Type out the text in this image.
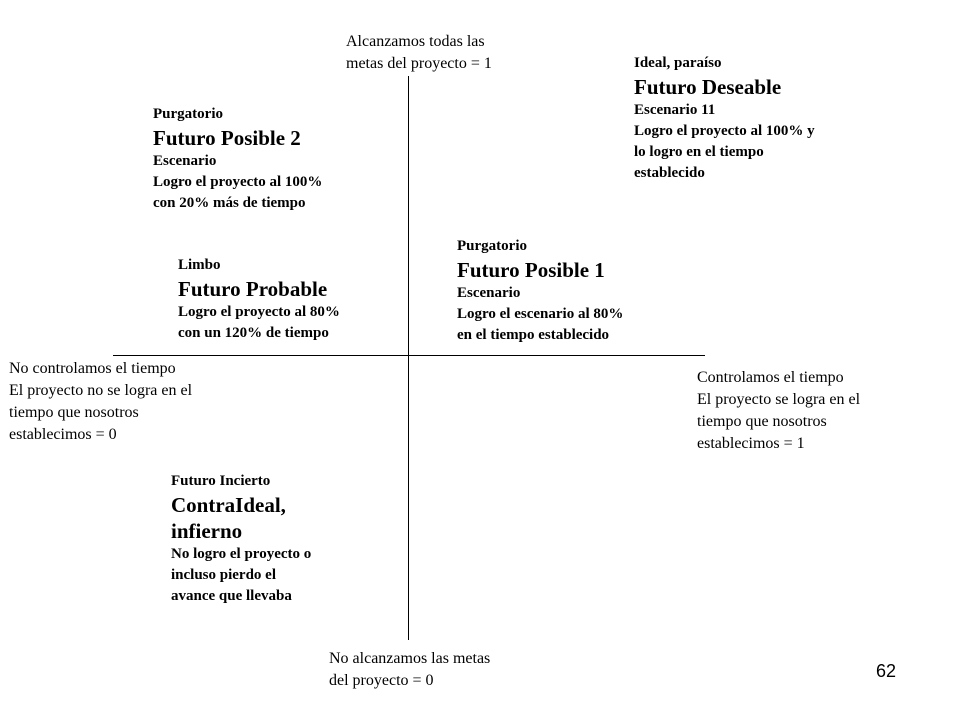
Alcanzamos todas las
metas del proyecto = 1
No alcanzamos las metas
del proyecto = 0
No controlamos el tiempo
El proyecto no se logra en el
tiempo que nosotros
establecimos = 0
Controlamos el tiempo
El proyecto se logra en el
tiempo que nosotros
establecimos = 1
Ideal, paraíso
Futuro Deseable
Escenario 11
Logro el proyecto al 100% y
lo logro en el tiempo
establecido
Purgatorio
Futuro Posible 2
Escenario
Logro el proyecto al 100%
con 20% más de tiempo
Limbo
Futuro Probable
Logro el proyecto al 80%
con un 120% de tiempo
Purgatorio
Futuro Posible 1
Escenario
Logro el escenario al 80%
en el tiempo establecido
Futuro Incierto
ContraIdeal,
infierno
No logro el proyecto o
incluso pierdo el
avance que llevaba
62
